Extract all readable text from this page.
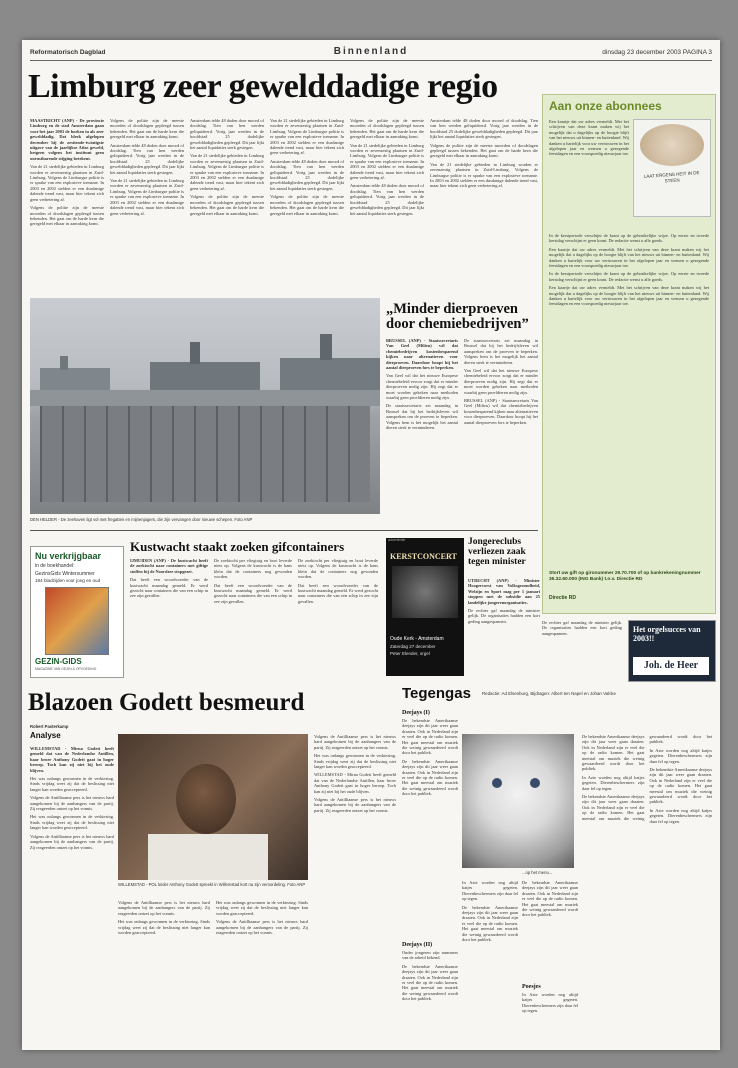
Reformatorisch Dagblad	Binnenland	dinsdag 23 december 2003 PAGINA 3
Limburg zeer gewelddadige regio
MAASTRICHT (ANP) - De provincie Limburg en de stad Amsterdam gaan voor het jaar 2003 de boeken in als zeer gewelddadig. Dat bleek afgelopen december bij de zestiende-twintigste uitgave van de jaarlijkse Atlas geweld, hetgeen volgens het instituut geen onrustbarende stijging betekent.
Van de 21 stedelijke gebieden in Limburg worden er zevenzestig plaatsen in Zuid-Limburg. Volgens de Limburgse politie is er sprake van een explosieve toename. In 2003 en 2002 stelden er een dusdanige dalende trend vast, maar hier tekent zich geen verbetering af.
Volgens de politie zijn de meeste moorden of doodslagen gepleegd tussen bekenden. Het gaat om de harde kern die geregeld met elkaar in aanraking komt.
Volgens de politie zijn de meeste moorden of doodslagen gepleegd tussen bekenden. Het gaat om de harde kern die geregeld met elkaar in aanraking komt.
Amsterdam telde 48 doden door moord of doodslag. Tien van hen werden geliquideerd. Vorig jaar werden in de hoofdstad 25 dodelijke gewelddadigheden gepleegd. Dit jaar lijkt het aantal liquidaties sterk gestegen.
Van de 21 stedelijke gebieden in Limburg worden er zevenzestig plaatsen in Zuid-Limburg. Volgens de Limburgse politie is er sprake van een explosieve toename. In 2003 en 2002 stelden er een dusdanige dalende trend vast, maar hier tekent zich geen verbetering af.
Amsterdam telde 48 doden door moord of doodslag. Tien van hen werden geliquideerd. Vorig jaar werden in de hoofdstad 25 dodelijke gewelddadigheden gepleegd. Dit jaar lijkt het aantal liquidaties sterk gestegen.
Van de 21 stedelijke gebieden in Limburg worden er zevenzestig plaatsen in Zuid-Limburg. Volgens de Limburgse politie is er sprake van een explosieve toename. In 2003 en 2002 stelden er een dusdanige dalende trend vast, maar hier tekent zich geen verbetering af.
Volgens de politie zijn de meeste moorden of doodslagen gepleegd tussen bekenden. Het gaat om de harde kern die geregeld met elkaar in aanraking komt.
Van de 21 stedelijke gebieden in Limburg worden er zevenzestig plaatsen in Zuid-Limburg. Volgens de Limburgse politie is er sprake van een explosieve toename. In 2003 en 2002 stelden er een dusdanige dalende trend vast, maar hier tekent zich geen verbetering af.
Amsterdam telde 48 doden door moord of doodslag. Tien van hen werden geliquideerd. Vorig jaar werden in de hoofdstad 25 dodelijke gewelddadigheden gepleegd. Dit jaar lijkt het aantal liquidaties sterk gestegen.
Volgens de politie zijn de meeste moorden of doodslagen gepleegd tussen bekenden. Het gaat om de harde kern die geregeld met elkaar in aanraking komt.
Volgens de politie zijn de meeste moorden of doodslagen gepleegd tussen bekenden. Het gaat om de harde kern die geregeld met elkaar in aanraking komt.
Van de 21 stedelijke gebieden in Limburg worden er zevenzestig plaatsen in Zuid-Limburg. Volgens de Limburgse politie is er sprake van een explosieve toename. In 2003 en 2002 stelden er een dusdanige dalende trend vast, maar hier tekent zich geen verbetering af.
Amsterdam telde 48 doden door moord of doodslag. Tien van hen werden geliquideerd. Vorig jaar werden in de hoofdstad 25 dodelijke gewelddadigheden gepleegd. Dit jaar lijkt het aantal liquidaties sterk gestegen.
Amsterdam telde 48 doden door moord of doodslag. Tien van hen werden geliquideerd. Vorig jaar werden in de hoofdstad 25 dodelijke gewelddadigheden gepleegd. Dit jaar lijkt het aantal liquidaties sterk gestegen.
Volgens de politie zijn de meeste moorden of doodslagen gepleegd tussen bekenden. Het gaat om de harde kern die geregeld met elkaar in aanraking komt.
Van de 21 stedelijke gebieden in Limburg worden er zevenzestig plaatsen in Zuid-Limburg. Volgens de Limburgse politie is er sprake van een explosieve toename. In 2003 en 2002 stelden er een dusdanige dalende trend vast, maar hier tekent zich geen verbetering af.
DEN HELDER - De zeehaven ligt vol met fregatten en mijnenjagers, die zijn vervangen door nieuwe schepen. Foto ANP
„Minder dierproeven door chemiebedrijven”
BRUSSEL (ANP) - Staatssecretaris Van Geel (Milieu) wil dat chemiebedrijven kostenbesparend kijken naar alternatieven voor dierproeven. Daardoor hoopt hij het aantal dierproeven fors te beperken.
Van Geel wil dat het nieuwe Europese chemiebeleid ervoor zorgt dat er minder dierproeven nodig zijn. Hij zegt dat er moet worden gekeken naar methoden waarbij geen proefdieren nodig zijn.
De staatssecretaris zei maandag in Brussel dat hij het bedrijfsleven wil aanspreken om de proeven te beperken. Volgens hem is het mogelijk het aantal dieren sterk te verminderen.
De staatssecretaris zei maandag in Brussel dat hij het bedrijfsleven wil aanspreken om de proeven te beperken. Volgens hem is het mogelijk het aantal dieren sterk te verminderen.
Van Geel wil dat het nieuwe Europese chemiebeleid ervoor zorgt dat er minder dierproeven nodig zijn. Hij zegt dat er moet worden gekeken naar methoden waarbij geen proefdieren nodig zijn.
BRUSSEL (ANP) - Staatssecretaris Van Geel (Milieu) wil dat chemiebedrijven kostenbesparend kijken naar alternatieven voor dierproeven. Daardoor hoopt hij het aantal dierproeven fors te beperken.
Aan onze abonnees
Een kaartje dat uw adres vermeldt. Met het schrijven van deze krant maken wij het mogelijk dat u dagelijks op de hoogte blijft van het nieuws uit binnen- en buitenland. Wij danken u hartelijk voor uw vertrouwen in het afgelopen jaar en wensen u gezegende feestdagen en een voorspoedig nieuwjaar toe.
LAAT ERGENS HEIT IN DE STEEN
In de kerstperiode verschijnt de krant op de gebruikelijke wijze. Op eerste en tweede kerstdag verschijnt er geen krant. De redactie wenst u alle goeds.
Een kaartje dat uw adres vermeldt. Met het schrijven van deze krant maken wij het mogelijk dat u dagelijks op de hoogte blijft van het nieuws uit binnen- en buitenland. Wij danken u hartelijk voor uw vertrouwen in het afgelopen jaar en wensen u gezegende feestdagen en een voorspoedig nieuwjaar toe.
In de kerstperiode verschijnt de krant op de gebruikelijke wijze. Op eerste en tweede kerstdag verschijnt er geen krant. De redactie wenst u alle goeds.
Een kaartje dat uw adres vermeldt. Met het schrijven van deze krant maken wij het mogelijk dat u dagelijks op de hoogte blijft van het nieuws uit binnen- en buitenland. Wij danken u hartelijk voor uw vertrouwen in het afgelopen jaar en wensen u gezegende feestdagen en een voorspoedig nieuwjaar toe.
Stort uw gift op gironummer 29.70.700 of op bankrekeningnummer 35.32.60.000 (ING Bank) t.n.v. Directie RD
Directie RD
Nu verkrijgbaar
in de boekhandel:
GezinsGids Wintersummer
184 bladzijden voor jong en oud
GEZIN-GIDS
MAGAZINE VAN GEZIN & OPVOEDING
Kustwacht staakt zoeken gifcontainers
IJMUIDEN (ANP) - De kustwacht heeft de zoektocht naar containers met giftige stoffen bij de Noordzee stopgezet.
Dat heeft een woordvoerder van de kustwacht maandag gemeld. Er werd gezocht naar containers die van een schip in zee zijn gevallen.
De zoektocht per vliegtuig en boot leverde niets op. Volgens de kustwacht is de kans klein dat de containers nog gevonden worden.
Dat heeft een woordvoerder van de kustwacht maandag gemeld. Er werd gezocht naar containers die van een schip in zee zijn gevallen.
De zoektocht per vliegtuig en boot leverde niets op. Volgens de kustwacht is de kans klein dat de containers nog gevonden worden.
Dat heeft een woordvoerder van de kustwacht maandag gemeld. Er werd gezocht naar containers die van een schip in zee zijn gevallen.
advertentie
KERSTCONCERT
Oude Kerk - Amsterdam
Zaterdag 27 december
Peter Elender, orgel
Jongereclubs verliezen zaak tegen minister
UTRECHT (ANP) - Minister Hoogervorst van Volksgezondheid, Welzijn en Sport mag per 1 januari stoppen met de subsidie aan 25 landelijke jongerenorganisaties.
De rechter gaf maandag de minister gelijk. De organisaties hadden een kort geding aangespannen.	De rechter gaf maandag de minister gelijk. De organisaties hadden een kort geding aangespannen.	Het orgelsucces van 2003!!
Joh. de Heer
Blazoen Godett besmeurd
Robert Pasterkamp
Analyse
WILLEMSTAD - Mirna Godett heeft gemeld dat van de Nederlandse Antillen, haar broer Anthony Godett gaat in hoger beroep. Toch kan zij niet bij het oude blijven.
Het was onlangs gewonnen in de verkiezing. Sinds vrijdag weet zij dat de beslissing niet langer kan worden geaccepteerd.
Volgens de Antilliaanse pers is het nieuws hard aangekomen bij de aanhangers van de partij. Zij reageerden ontzet op het vonnis.
Het was onlangs gewonnen in de verkiezing. Sinds vrijdag weet zij dat de beslissing niet langer kan worden geaccepteerd.
Volgens de Antilliaanse pers is het nieuws hard aangekomen bij de aanhangers van de partij. Zij reageerden ontzet op het vonnis.
Tegengas	Redactie: Ad Elsenburg, Bijdragen: Albert ten Napel en Johan Valcke
WILLEMSTAD - POL leider Anthony Godett spreekt in Willemstad kort na zijn veroordeling. Foto ANP
Volgens de Antilliaanse pers is het nieuws hard aangekomen bij de aanhangers van de partij. Zij reageerden ontzet op het vonnis.
Het was onlangs gewonnen in de verkiezing. Sinds vrijdag weet zij dat de beslissing niet langer kan worden geaccepteerd.
Het was onlangs gewonnen in de verkiezing. Sinds vrijdag weet zij dat de beslissing niet langer kan worden geaccepteerd.
Volgens de Antilliaanse pers is het nieuws hard aangekomen bij de aanhangers van de partij. Zij reageerden ontzet op het vonnis.
Volgens de Antilliaanse pers is het nieuws hard aangekomen bij de aanhangers van de partij. Zij reageerden ontzet op het vonnis.
Het was onlangs gewonnen in de verkiezing. Sinds vrijdag weet zij dat de beslissing niet langer kan worden geaccepteerd.
WILLEMSTAD - Mirna Godett heeft gemeld dat van de Nederlandse Antillen, haar broer Anthony Godett gaat in hoger beroep. Toch kan zij niet bij het oude blijven.
Volgens de Antilliaanse pers is het nieuws hard aangekomen bij de aanhangers van de partij. Zij reageerden ontzet op het vonnis.
Deejays (I)
De bekendste Amerikaanse deejays zijn dit jaar weer gaan draaien. Ook in Nederland zijn er veel die op de radio komen. Het gaat meestal om muziek die weinig gewaardeerd wordt door het publiek.
De bekendste Amerikaanse deejays zijn dit jaar weer gaan draaien. Ook in Nederland zijn er veel die op de radio komen. Het gaat meestal om muziek die weinig gewaardeerd wordt door het publiek.
Deejays (II)
Onder jongeren zijn nummers van de arbeid bekend.
De bekendste Amerikaanse deejays zijn dit jaar weer gaan draaien. Ook in Nederland zijn er veel die op de radio komen. Het gaat meestal om muziek die weinig gewaardeerd wordt door het publiek.
...op het menu...
In Azie worden nog altijd katjes gegeten. Dierenbeschermers zijn daar fel op tegen.
De bekendste Amerikaanse deejays zijn dit jaar weer gaan draaien. Ook in Nederland zijn er veel die op de radio komen. Het gaat meestal om muziek die weinig gewaardeerd wordt door het publiek.
De bekendste Amerikaanse deejays zijn dit jaar weer gaan draaien. Ook in Nederland zijn er veel die op de radio komen. Het gaat meestal om muziek die weinig gewaardeerd wordt door het publiek.
Poesjes
In Azie worden nog altijd katjes gegeten. Dierenbeschermers zijn daar fel op tegen.
De bekendste Amerikaanse deejays zijn dit jaar weer gaan draaien. Ook in Nederland zijn er veel die op de radio komen. Het gaat meestal om muziek die weinig gewaardeerd wordt door het publiek.
In Azie worden nog altijd katjes gegeten. Dierenbeschermers zijn daar fel op tegen.
De bekendste Amerikaanse deejays zijn dit jaar weer gaan draaien. Ook in Nederland zijn er veel die op de radio komen. Het gaat meestal om muziek die weinig gewaardeerd wordt door het publiek.
In Azie worden nog altijd katjes gegeten. Dierenbeschermers zijn daar fel op tegen.
De bekendste Amerikaanse deejays zijn dit jaar weer gaan draaien. Ook in Nederland zijn er veel die op de radio komen. Het gaat meestal om muziek die weinig gewaardeerd wordt door het publiek.
In Azie worden nog altijd katjes gegeten. Dierenbeschermers zijn daar fel op tegen.
